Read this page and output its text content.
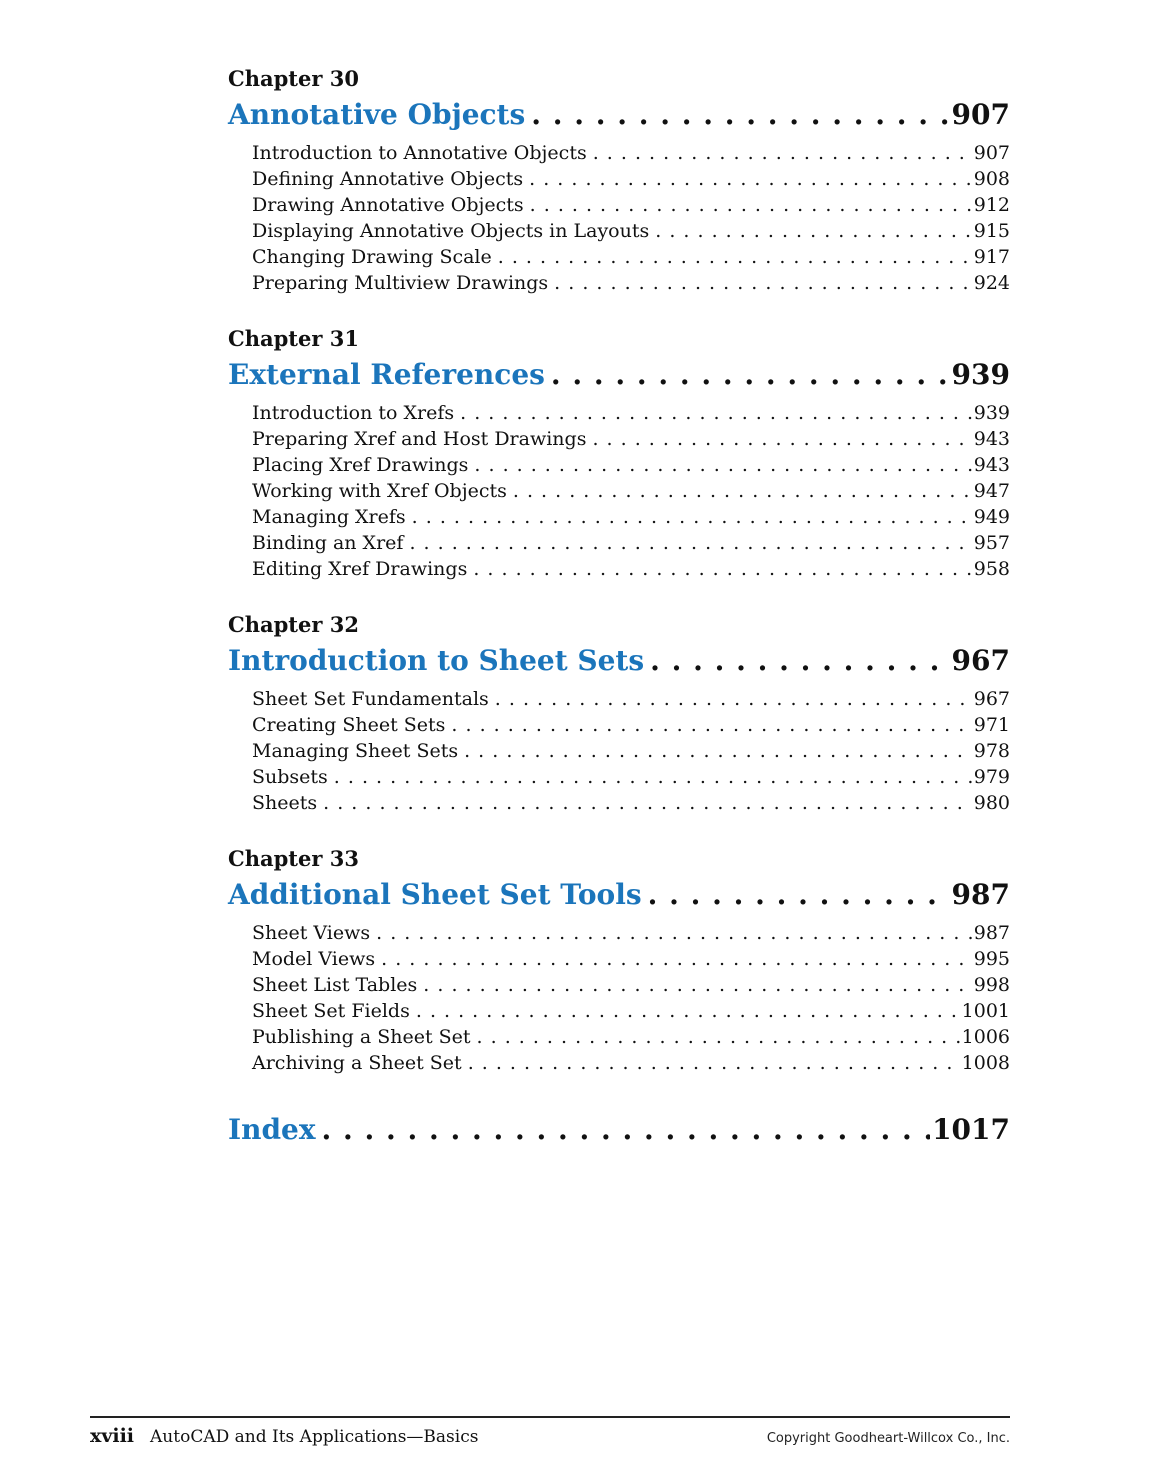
Chapter 30
Annotative Objects . . .	907
Introduction to Annotative Objects . . .	907
Defining Annotative Objects . . .	908
Drawing Annotative Objects . . .	912
Displaying Annotative Objects in Layouts . . .	915
Changing Drawing Scale . . .	917
Preparing Multiview Drawings . . .	924
Chapter 31
External References . . .	939
Introduction to Xrefs . . .	939
Preparing Xref and Host Drawings . . .	943
Placing Xref Drawings . . .	943
Working with Xref Objects . . .	947
Managing Xrefs . . .	949
Binding an Xref . . .	957
Editing Xref Drawings . . .	958
Chapter 32
Introduction to Sheet Sets . . .	967
Sheet Set Fundamentals . . .	967
Creating Sheet Sets . . .	971
Managing Sheet Sets . . .	978
Subsets . . .	979
Sheets . . .	980
Chapter 33
Additional Sheet Set Tools . . .	987
Sheet Views . . .	987
Model Views . . .	995
Sheet List Tables . . .	998
Sheet Set Fields . . .	1001
Publishing a Sheet Set . . .	1006
Archiving a Sheet Set . . .	1008
Index . . .	1017
xviii AutoCAD and Its Applications—Basics	Copyright Goodheart-Willcox Co., Inc.
